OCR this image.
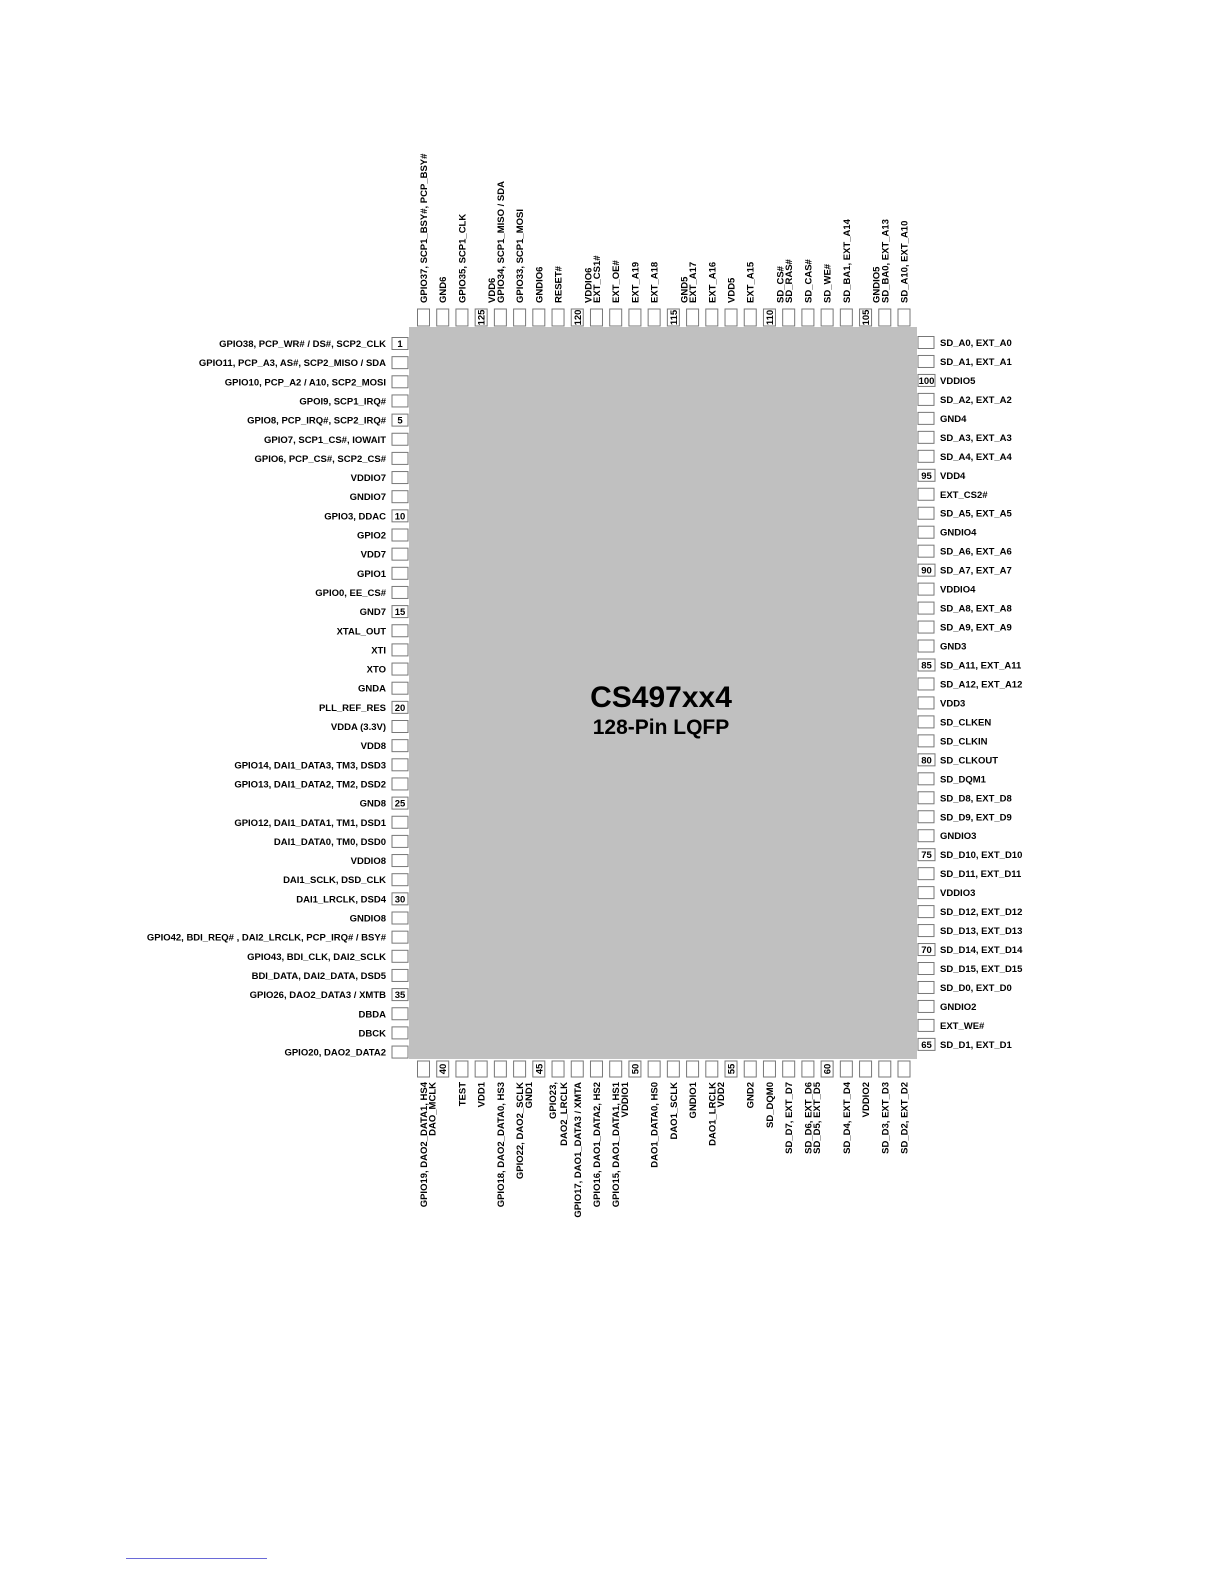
1
GPIO38, PCP_WR# / DS#, SCP2_CLK
GPIO11, PCP_A3, AS#, SCP2_MISO / SDA
GPIO10, PCP_A2 / A10, SCP2_MOSI
GPOI9, SCP1_IRQ#
5
GPIO8, PCP_IRQ#, SCP2_IRQ#
GPIO7, SCP1_CS#, IOWAIT
GPIO6, PCP_CS#, SCP2_CS#
VDDIO7
GNDIO7
10
GPIO3, DDAC
GPIO2
VDD7
GPIO1
GPIO0, EE_CS#
15
GND7
XTAL_OUT
XTI
XTO
GNDA
20
PLL_REF_RES
VDDA (3.3V)
VDD8
GPIO14, DAI1_DATA3, TM3, DSD3
GPIO13, DAI1_DATA2, TM2, DSD2
25
GND8
GPIO12, DAI1_DATA1, TM1, DSD1
DAI1_DATA0, TM0, DSD0
VDDIO8
DAI1_SCLK, DSD_CLK
30
DAI1_LRCLK, DSD4
GNDIO8
GPIO42, BDI_REQ# , DAI2_LRCLK, PCP_IRQ# / BSY#
GPIO43, BDI_CLK, DAI2_SCLK
BDI_DATA, DAI2_DATA, DSD5
35
GPIO26, DAO2_DATA3 / XMTB
DBDA
DBCK
GPIO20, DAO2_DATA2
SD_A0, EXT_A0
SD_A1, EXT_A1
100 VDDIO5
SD_A2, EXT_A2
GND4
SD_A3, EXT_A3
SD_A4, EXT_A4
95 VDD4
EXT_CS2#
SD_A5, EXT_A5
GNDIO4
SD_A6, EXT_A6
90 SD_A7, EXT_A7
VDDIO4
SD_A8, EXT_A8
SD_A9, EXT_A9
GND3
85 SD_A11, EXT_A11
SD_A12, EXT_A12
VDD3
SD_CLKEN
SD_CLKIN
80 SD_CLKOUT
SD_DQM1
SD_D8, EXT_D8
SD_D9, EXT_D9
GNDIO3
75 SD_D10, EXT_D10
SD_D11, EXT_D11
VDDIO3
SD_D12, EXT_D12
SD_D13, EXT_D13
70 SD_D14, EXT_D14
SD_D15, EXT_D15
SD_D0, EXT_D0
GNDIO2
EXT_WE#
65 SD_D1, EXT_D1
GPIO37, SCP1_BSY#, PCP_BSY# GND6 GPIO35, SCP1_CLK
125
VDD6
GPIO34, SCP1_MISO / SDA GPIO33, SCP1_MOSI GNDIO6 RESET#
120
VDDIO6
EXT_CS1# EXT_OE# EXT_A19 EXT_A18
115
GND5
EXT_A17 EXT_A16 VDD5 EXT_A15
110
SD_CS#
SD_RAS# SD_CAS# SD_WE# SD_BA1, EXT_A14
105
GNDIO5
SD_BA0, EXT_A13 SD_A10, EXT_A10
GPIO19, DAO2_DATA1, HS4
40
DAO_MCLK TEST VDD1 GPIO18, DAO2_DATA0, HS3 GPIO22, DAO2_SCLK
45
GND1 GPIO23, DAO2_LRCLK GPIO17, DAO1_DATA3 / XMTA GPIO16, DAO1_DATA2, HS2 GPIO15, DAO1_DATA1, HS1
50
VDDIO1 DAO1_DATA0, HS0 DAO1_SCLK GNDIO1 DAO1_LRCLK
55
VDD2 GND2 SD_DQM0 SD_D7, EXT_D7 SD_D6, EXT_D6
60
SD_D5, EXT_D5 SD_D4, EXT_D4 VDDIO2 SD_D3, EXT_D3 SD_D2, EXT_D2
CS497xx4
128-Pin LQFP
